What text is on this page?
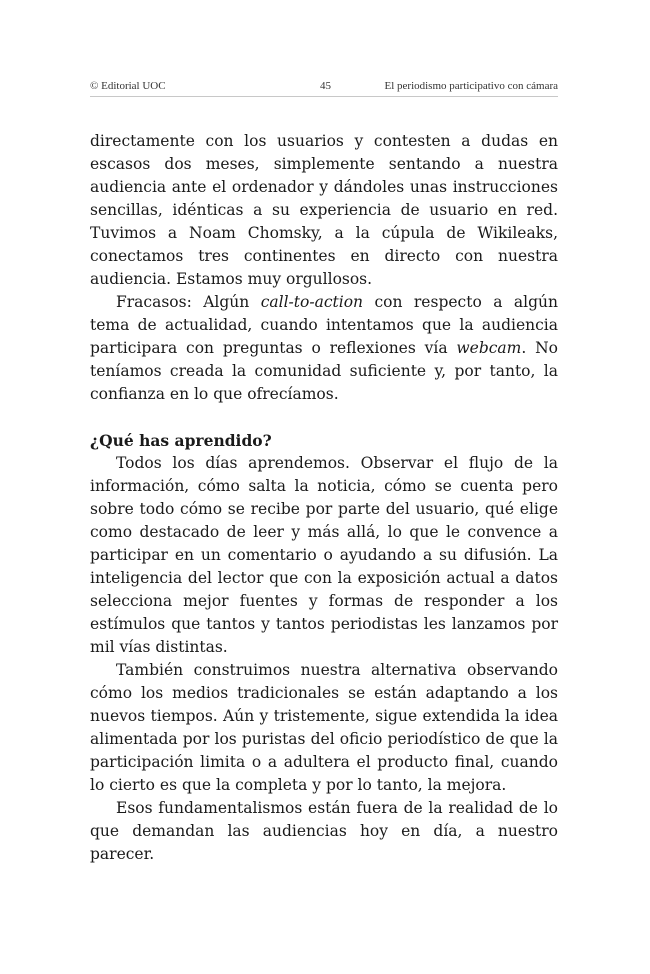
© Editorial UOC	45	El periodismo participativo con cámara

directamente con los usuarios y contesten a dudas en escasos dos meses, simplemente sentando a nuestra audiencia ante el ordenador y dándoles unas instrucciones sencillas, idénticas a su experiencia de usuario en red. Tuvimos a Noam Chomsky, a la cúpula de Wikileaks, conectamos tres continentes en directo con nuestra audiencia. Estamos muy orgullosos.

Fracasos: Algún call-to-action con respecto a algún tema de actualidad, cuando intentamos que la audiencia participara con preguntas o reflexiones vía webcam. No teníamos creada la comunidad suficiente y, por tanto, la confianza en lo que ofrecíamos.

¿Qué has aprendido?

Todos los días aprendemos. Observar el flujo de la información, cómo salta la noticia, cómo se cuenta pero sobre todo cómo se recibe por parte del usuario, qué elige como destacado de leer y más allá, lo que le convence a participar en un comentario o ayudando a su difusión. La inteligencia del lector que con la exposición actual a datos selecciona mejor fuentes y formas de responder a los estímulos que tantos y tantos periodistas les lanzamos por mil vías distintas.

También construimos nuestra alternativa observando cómo los medios tradicionales se están adaptando a los nuevos tiempos. Aún y tristemente, sigue extendida la idea alimentada por los puristas del oficio periodístico de que la participación limita o a adultera el producto final, cuando lo cierto es que la completa y por lo tanto, la mejora.

Esos fundamentalismos están fuera de la realidad de lo que demandan las audiencias hoy en día, a nuestro parecer.
